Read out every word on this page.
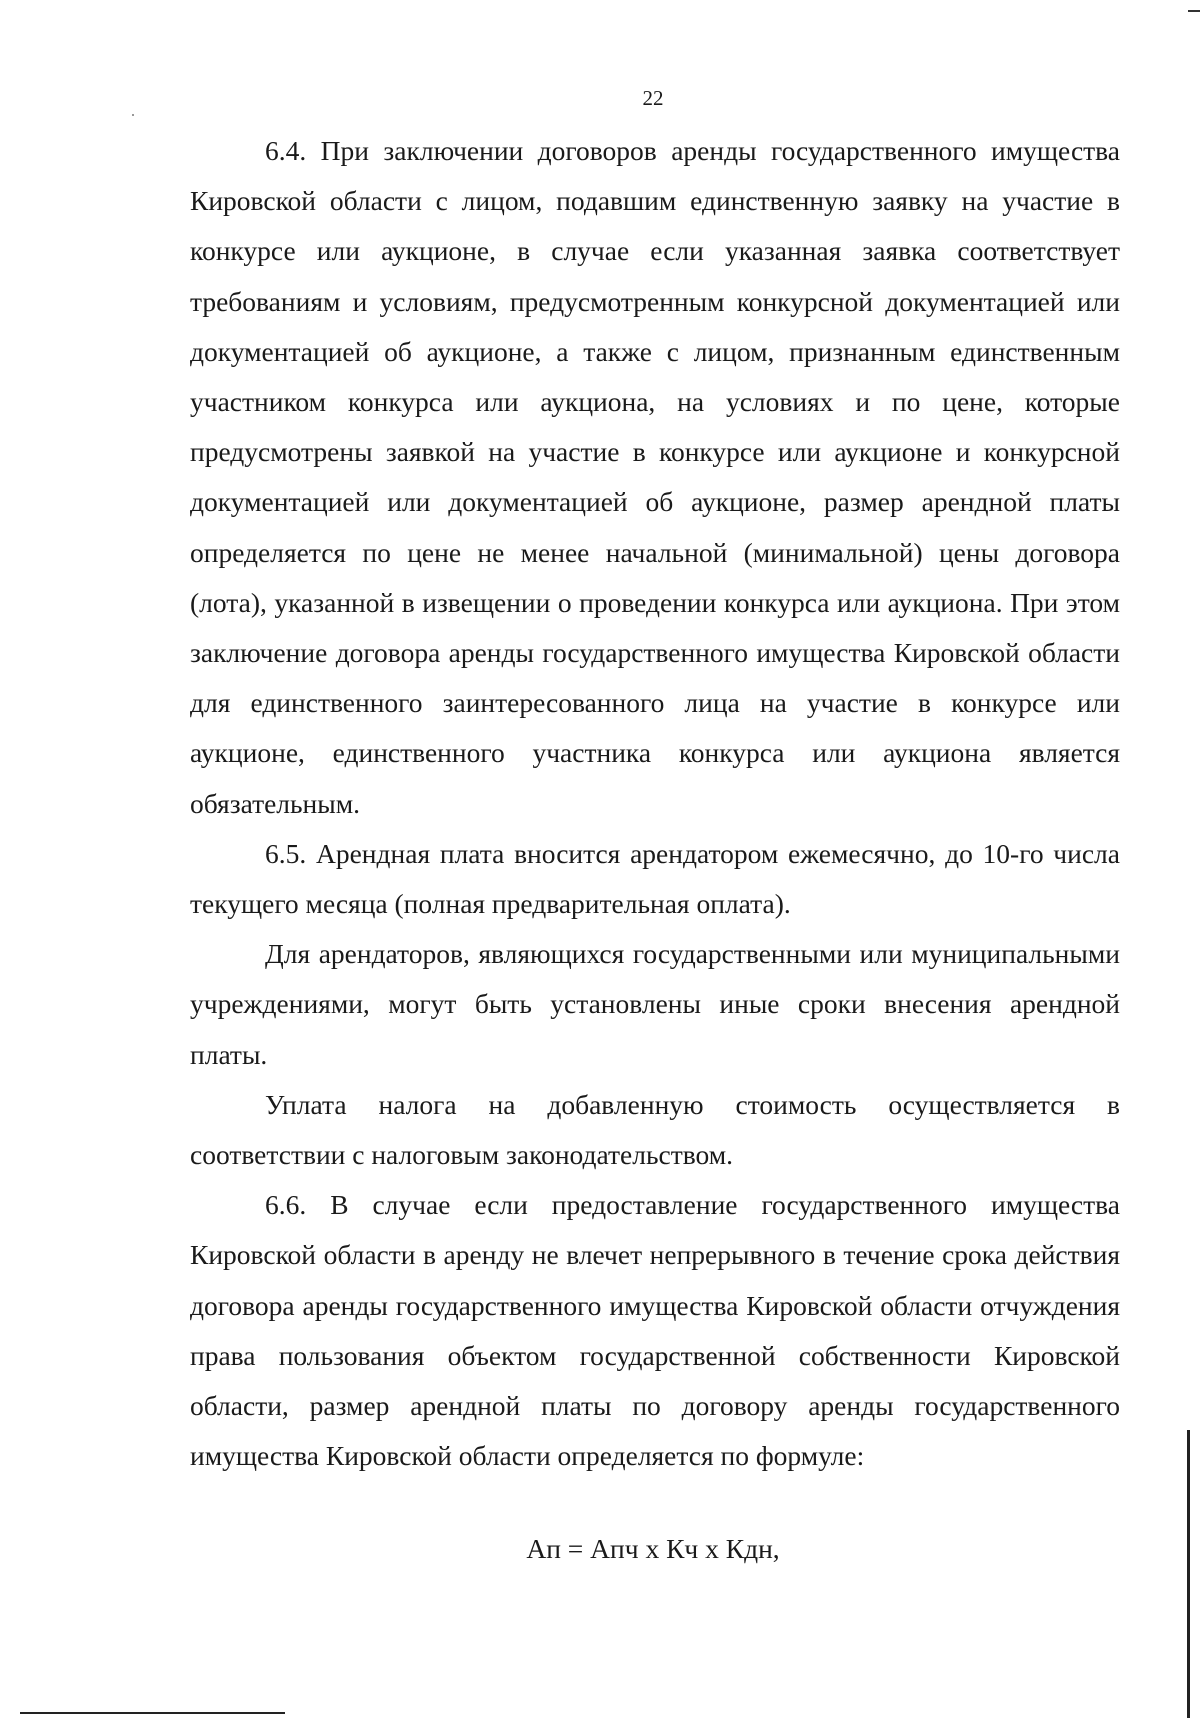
22

6.4. При заключении договоров аренды государственного имущества Кировской области с лицом, подавшим единственную заявку на участие в конкурсе или аукционе, в случае если указанная заявка соответствует требованиям и условиям, предусмотренным конкурсной документацией или документацией об аукционе, а также с лицом, признанным единственным участником конкурса или аукциона, на условиях и по цене, которые предусмотрены заявкой на участие в конкурсе или аукционе и конкурсной документацией или документацией об аукционе, размер арендной платы определяется по цене не менее начальной (минимальной) цены договора (лота), указанной в извещении о проведении конкурса или аукциона. При этом заключение договора аренды государственного имущества Кировской области для единственного заинтересованного лица на участие в конкурсе или аукционе, единственного участника конкурса или аукциона является обязательным.

6.5. Арендная плата вносится арендатором ежемесячно, до 10-го числа текущего месяца (полная предварительная оплата).

Для арендаторов, являющихся государственными или муниципальными учреждениями, могут быть установлены иные сроки внесения арендной платы.

Уплата налога на добавленную стоимость осуществляется в соответствии с налоговым законодательством.

6.6. В случае если предоставление государственного имущества Кировской области в аренду не влечет непрерывного в течение срока действия договора аренды государственного имущества Кировской области отчуждения права пользования объектом государственной собственности Кировской области, размер арендной платы по договору аренды государственного имущества Кировской области определяется по формуле:

Ап = Апч х Кч х Кдн,
